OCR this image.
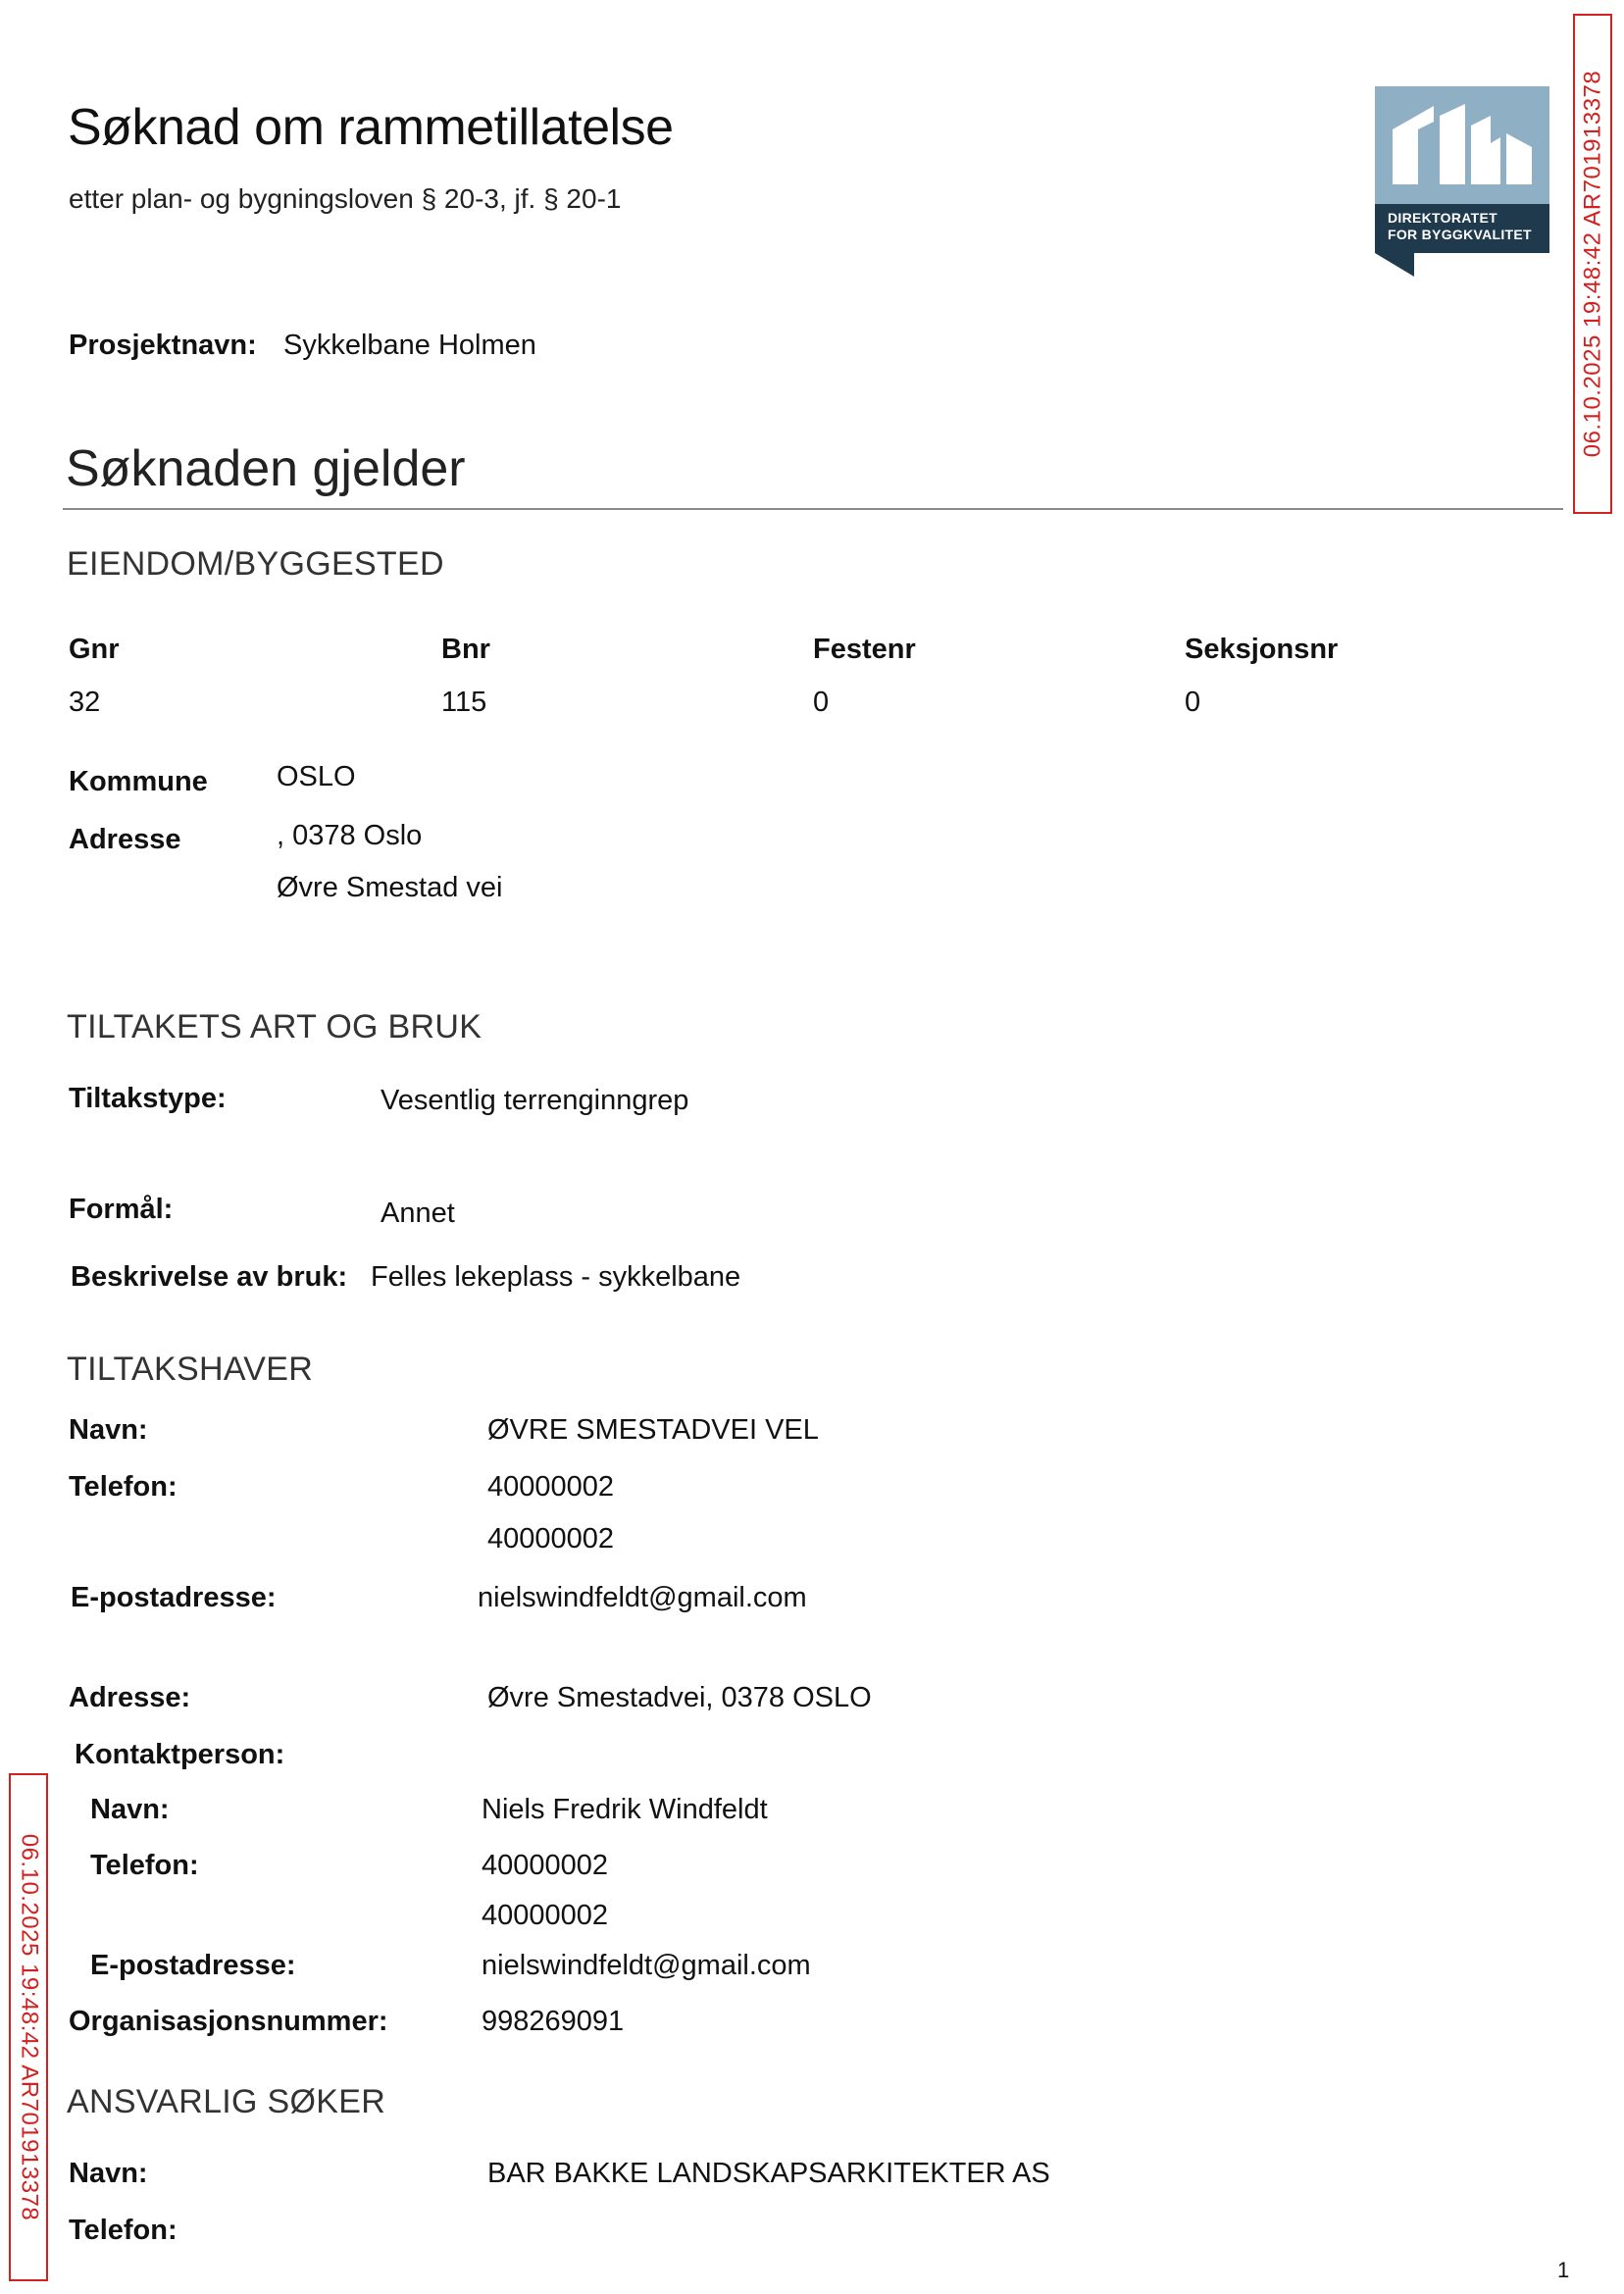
Søknad om rammetillatelse
etter plan- og bygningsloven § 20-3, jf. § 20-1
DIREKTORATET
FOR BYGGKVALITET 06.10.2025 19:48:42 AR701913378
06.10.2025 19:48:42 AR701913378
Prosjektnavn: Sykkelbane Holmen
Søknaden gjelder
EIENDOM/BYGGESTED
Gnr	Bnr	Festenr	Seksjonsnr
32	115	0	0
Kommune OSLO
Adresse	, 0378 Oslo
Øvre Smestad vei
TILTAKETS ART OG BRUK
Tiltakstype:	Vesentlig terrenginngrep
Formål:	Annet
Beskrivelse av bruk: Felles lekeplass - sykkelbane
TILTAKSHAVER
Navn:	ØVRE SMESTADVEI VEL
Telefon:	40000002
40000002
E-postadresse:	nielswindfeldt@gmail.com
Adresse:	Øvre Smestadvei, 0378 OSLO
Kontaktperson:
Navn:	Niels Fredrik Windfeldt
Telefon:	40000002
40000002
E-postadresse:	nielswindfeldt@gmail.com
Organisasjonsnummer:	998269091
ANSVARLIG SØKER
Navn:	BAR BAKKE LANDSKAPSARKITEKTER AS
Telefon:
1
